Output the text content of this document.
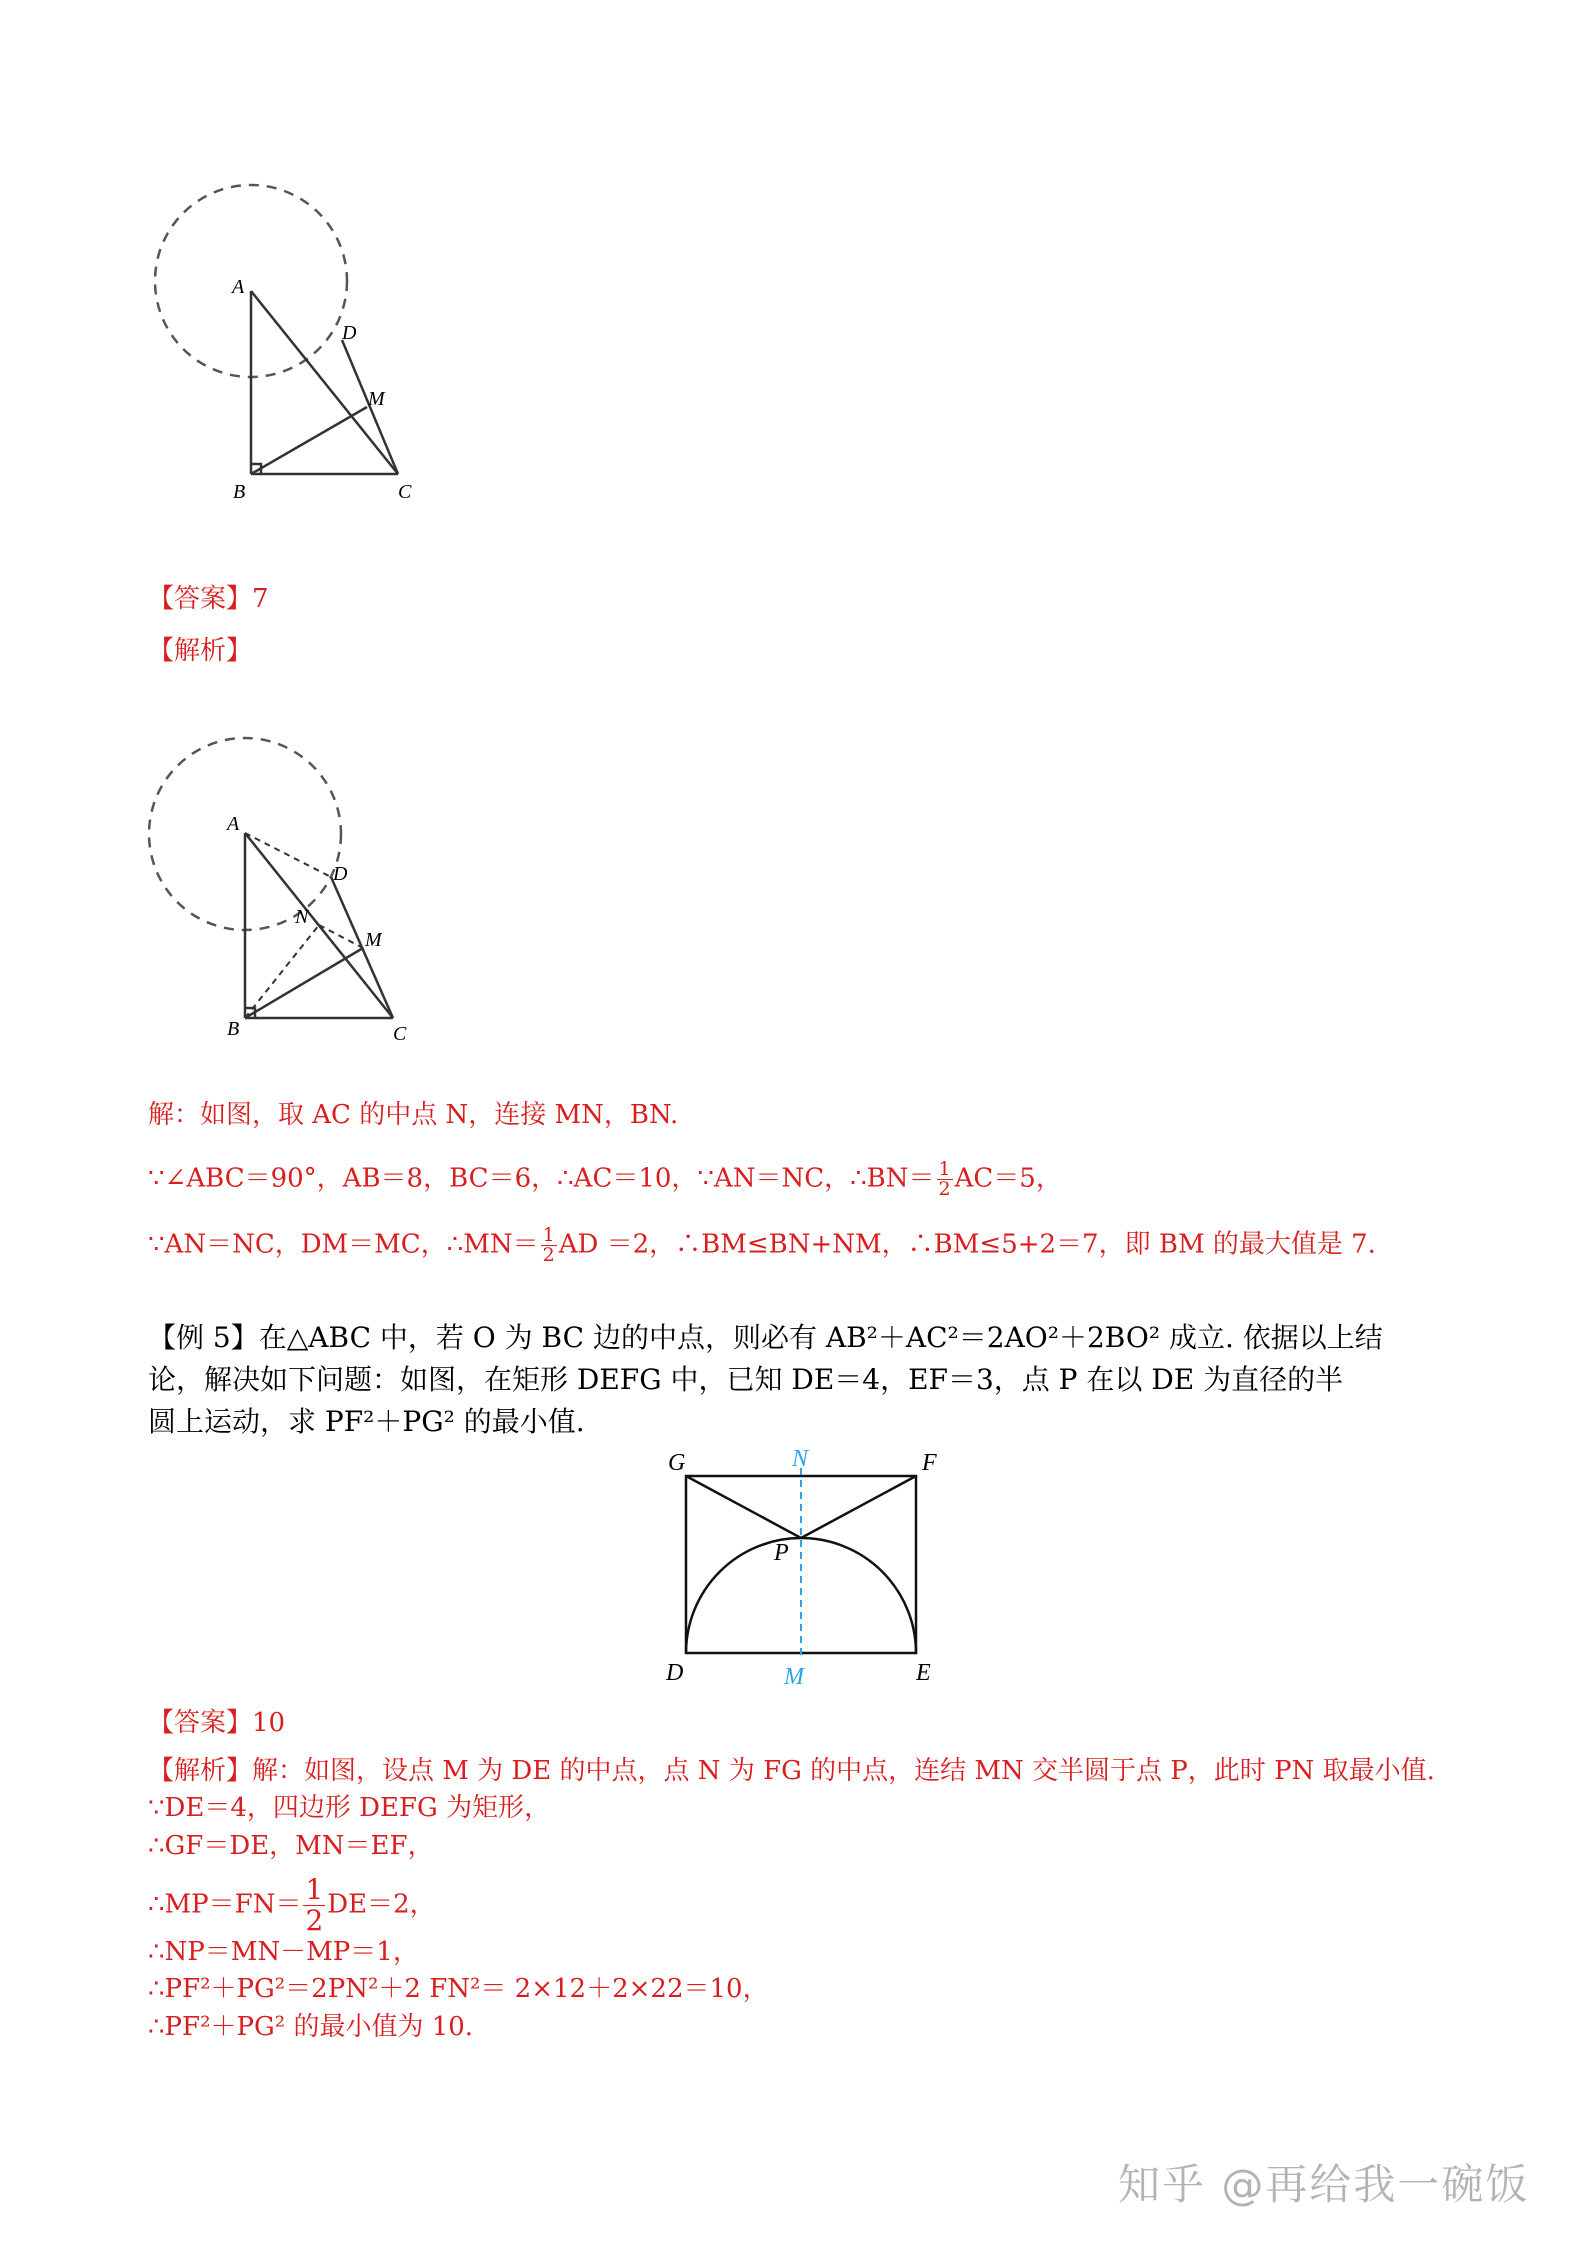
A
B	C
D
M
【答案】7
【解析】
A
B	C
D
M
N
解：如图，取 AC 的中点 N，连接 MN，BN.
∵∠ABC＝90°，AB＝8，BC＝6，∴AC＝10，∵AN＝NC，∴BN＝ $\frac{1}{2} AC=5$，
∵AN＝NC，DM＝MC，∴MN＝ $\frac{1}{2}$ AD ＝2，∴BM≤BN+NM，∴BM≤5+2＝7，即 BM 的最大值是 7.
【例 5】在△ABC 中，若 O 为 BC 边的中点，则必有 AB²＋AC²＝2AO²＋2BO² 成立. 依据以上结
论，解决如下问题：如图，在矩形 DEFG 中，已知 DE＝4，EF＝3，点 P 在以 DE 为直径的半
圆上运动，求 PF²＋PG² 的最小值.
G	F
D	E
P
N
M
【答案】10
【解析】解：如图，设点 M 为 DE 的中点，点 N 为 FG 的中点，连结 MN 交半圆于点 P，此时 PN 取最小值.
∵DE＝4，四边形 DEFG 为矩形，
∴GF＝DE，MN＝EF，
∴MP＝FN＝ $\frac{1}{2} DE=2$，
∴NP＝MN－MP＝1，
∴PF²＋PG²＝2PN²＋2 FN²＝ 2×12＋2×22＝10，
∴PF²＋PG² 的最小值为 10.
知乎 @再给我一碗饭
